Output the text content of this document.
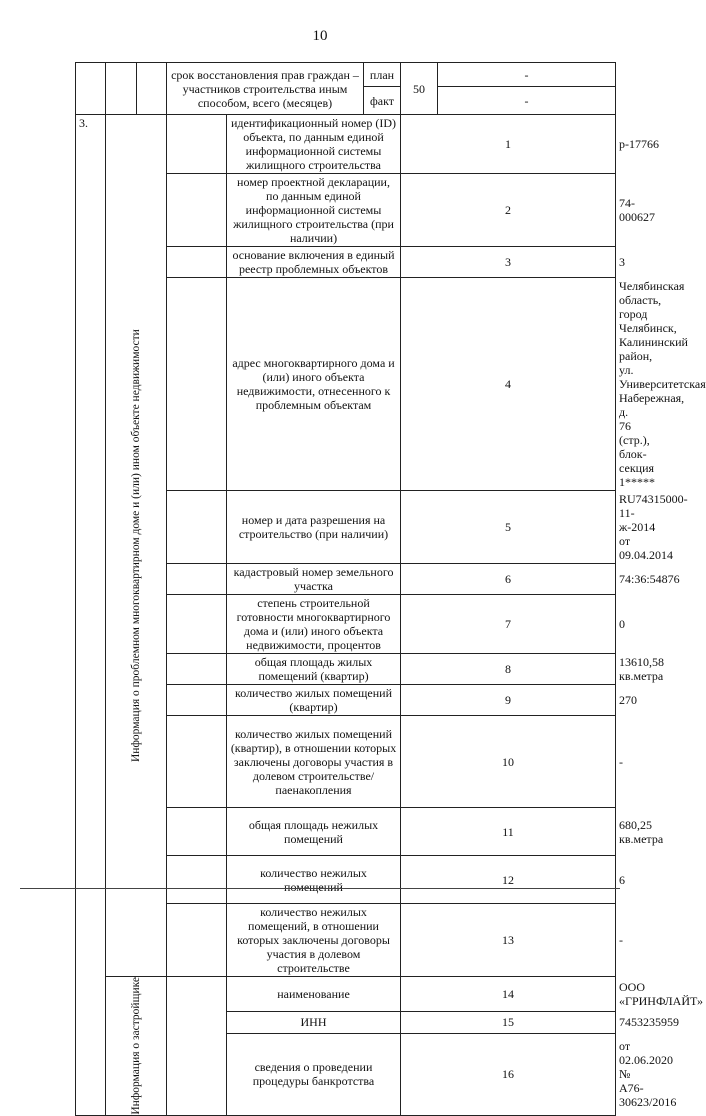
10
			срок восстановления прав граждан – участников строительства иным способом, всего (месяцев)		план	50	-	
					факт		-	
3.	Информация о проблемном многоквартирном доме и (или) ином объекте недвижимости			идентификационный номер (ID) объекта, по данным единой информационной системы жилищного строительства		1		р-17766
				номер проектной декларации, по данным единой информационной системы жилищного строительства (при наличии)		2		74-000627
				основание включения в единый реестр проблемных объектов		3		3
				адрес многоквартирного дома и (или) иного объекта недвижимости, отнесенного к проблемным объектам		4		Челябинская область, город Челябинск, Калининский район, ул. Университетская Набережная, д. 76 (стр.), блок-секция 1*****
				номер и дата разрешения на строительство (при наличии)		5		RU74315000-11-ж-2014 от 09.04.2014
				кадастровый номер земельного участка		6		74:36:54876
				степень строительной готовности многоквартирного дома и (или) иного объекта недвижимости, процентов		7		0
				общая площадь жилых помещений (квартир)		8		13610,58 кв.метра
				количество жилых помещений (квартир)		9		270
				количество жилых помещений (квартир), в отношении которых заключены договоры участия в долевом строительстве/паенакопления		10		-
				общая площадь нежилых помещений		11		680,25 кв.метра
				количество нежилых помещений		12		6
				количество нежилых помещений, в отношении которых заключены договоры участия в долевом строительстве		13		-
	Информация о застройщике			наименование		14		ООО «ГРИНФЛАЙТ»
				ИНН		15		7453235959
				сведения о проведении процедуры банкротства		16		от 02.06.2020 № А76-30623/2016
